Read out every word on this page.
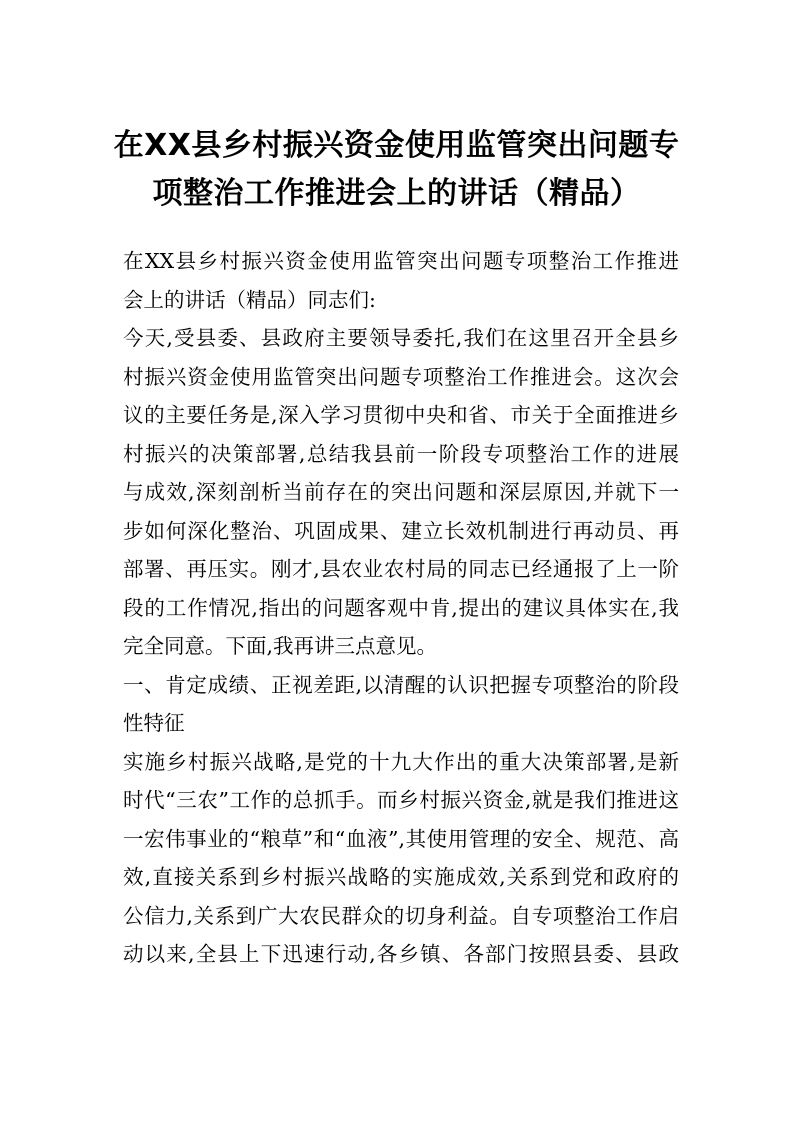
在XX县乡村振兴资金使用监管突出问题专
项整治工作推进会上的讲话（精品）
在XX县乡村振兴资金使用监管突出问题专项整治工作推进
会上的讲话（精品）同志们:
今天,受县委、县政府主要领导委托,我们在这里召开全县乡
村振兴资金使用监管突出问题专项整治工作推进会。这次会
议的主要任务是,深入学习贯彻中央和省、市关于全面推进乡
村振兴的决策部署,总结我县前一阶段专项整治工作的进展
与成效,深刻剖析当前存在的突出问题和深层原因,并就下一
步如何深化整治、巩固成果、建立长效机制进行再动员、再
部署、再压实。刚才,县农业农村局的同志已经通报了上一阶
段的工作情况,指出的问题客观中肯,提出的建议具体实在,我
完全同意。下面,我再讲三点意见。
一、肯定成绩、正视差距,以清醒的认识把握专项整治的阶段
性特征
实施乡村振兴战略,是党的十九大作出的重大决策部署,是新
时代“三农”工作的总抓手。而乡村振兴资金,就是我们推进这
一宏伟事业的“粮草”和“血液”,其使用管理的安全、规范、高
效,直接关系到乡村振兴战略的实施成效,关系到党和政府的
公信力,关系到广大农民群众的切身利益。自专项整治工作启
动以来,全县上下迅速行动,各乡镇、各部门按照县委、县政
